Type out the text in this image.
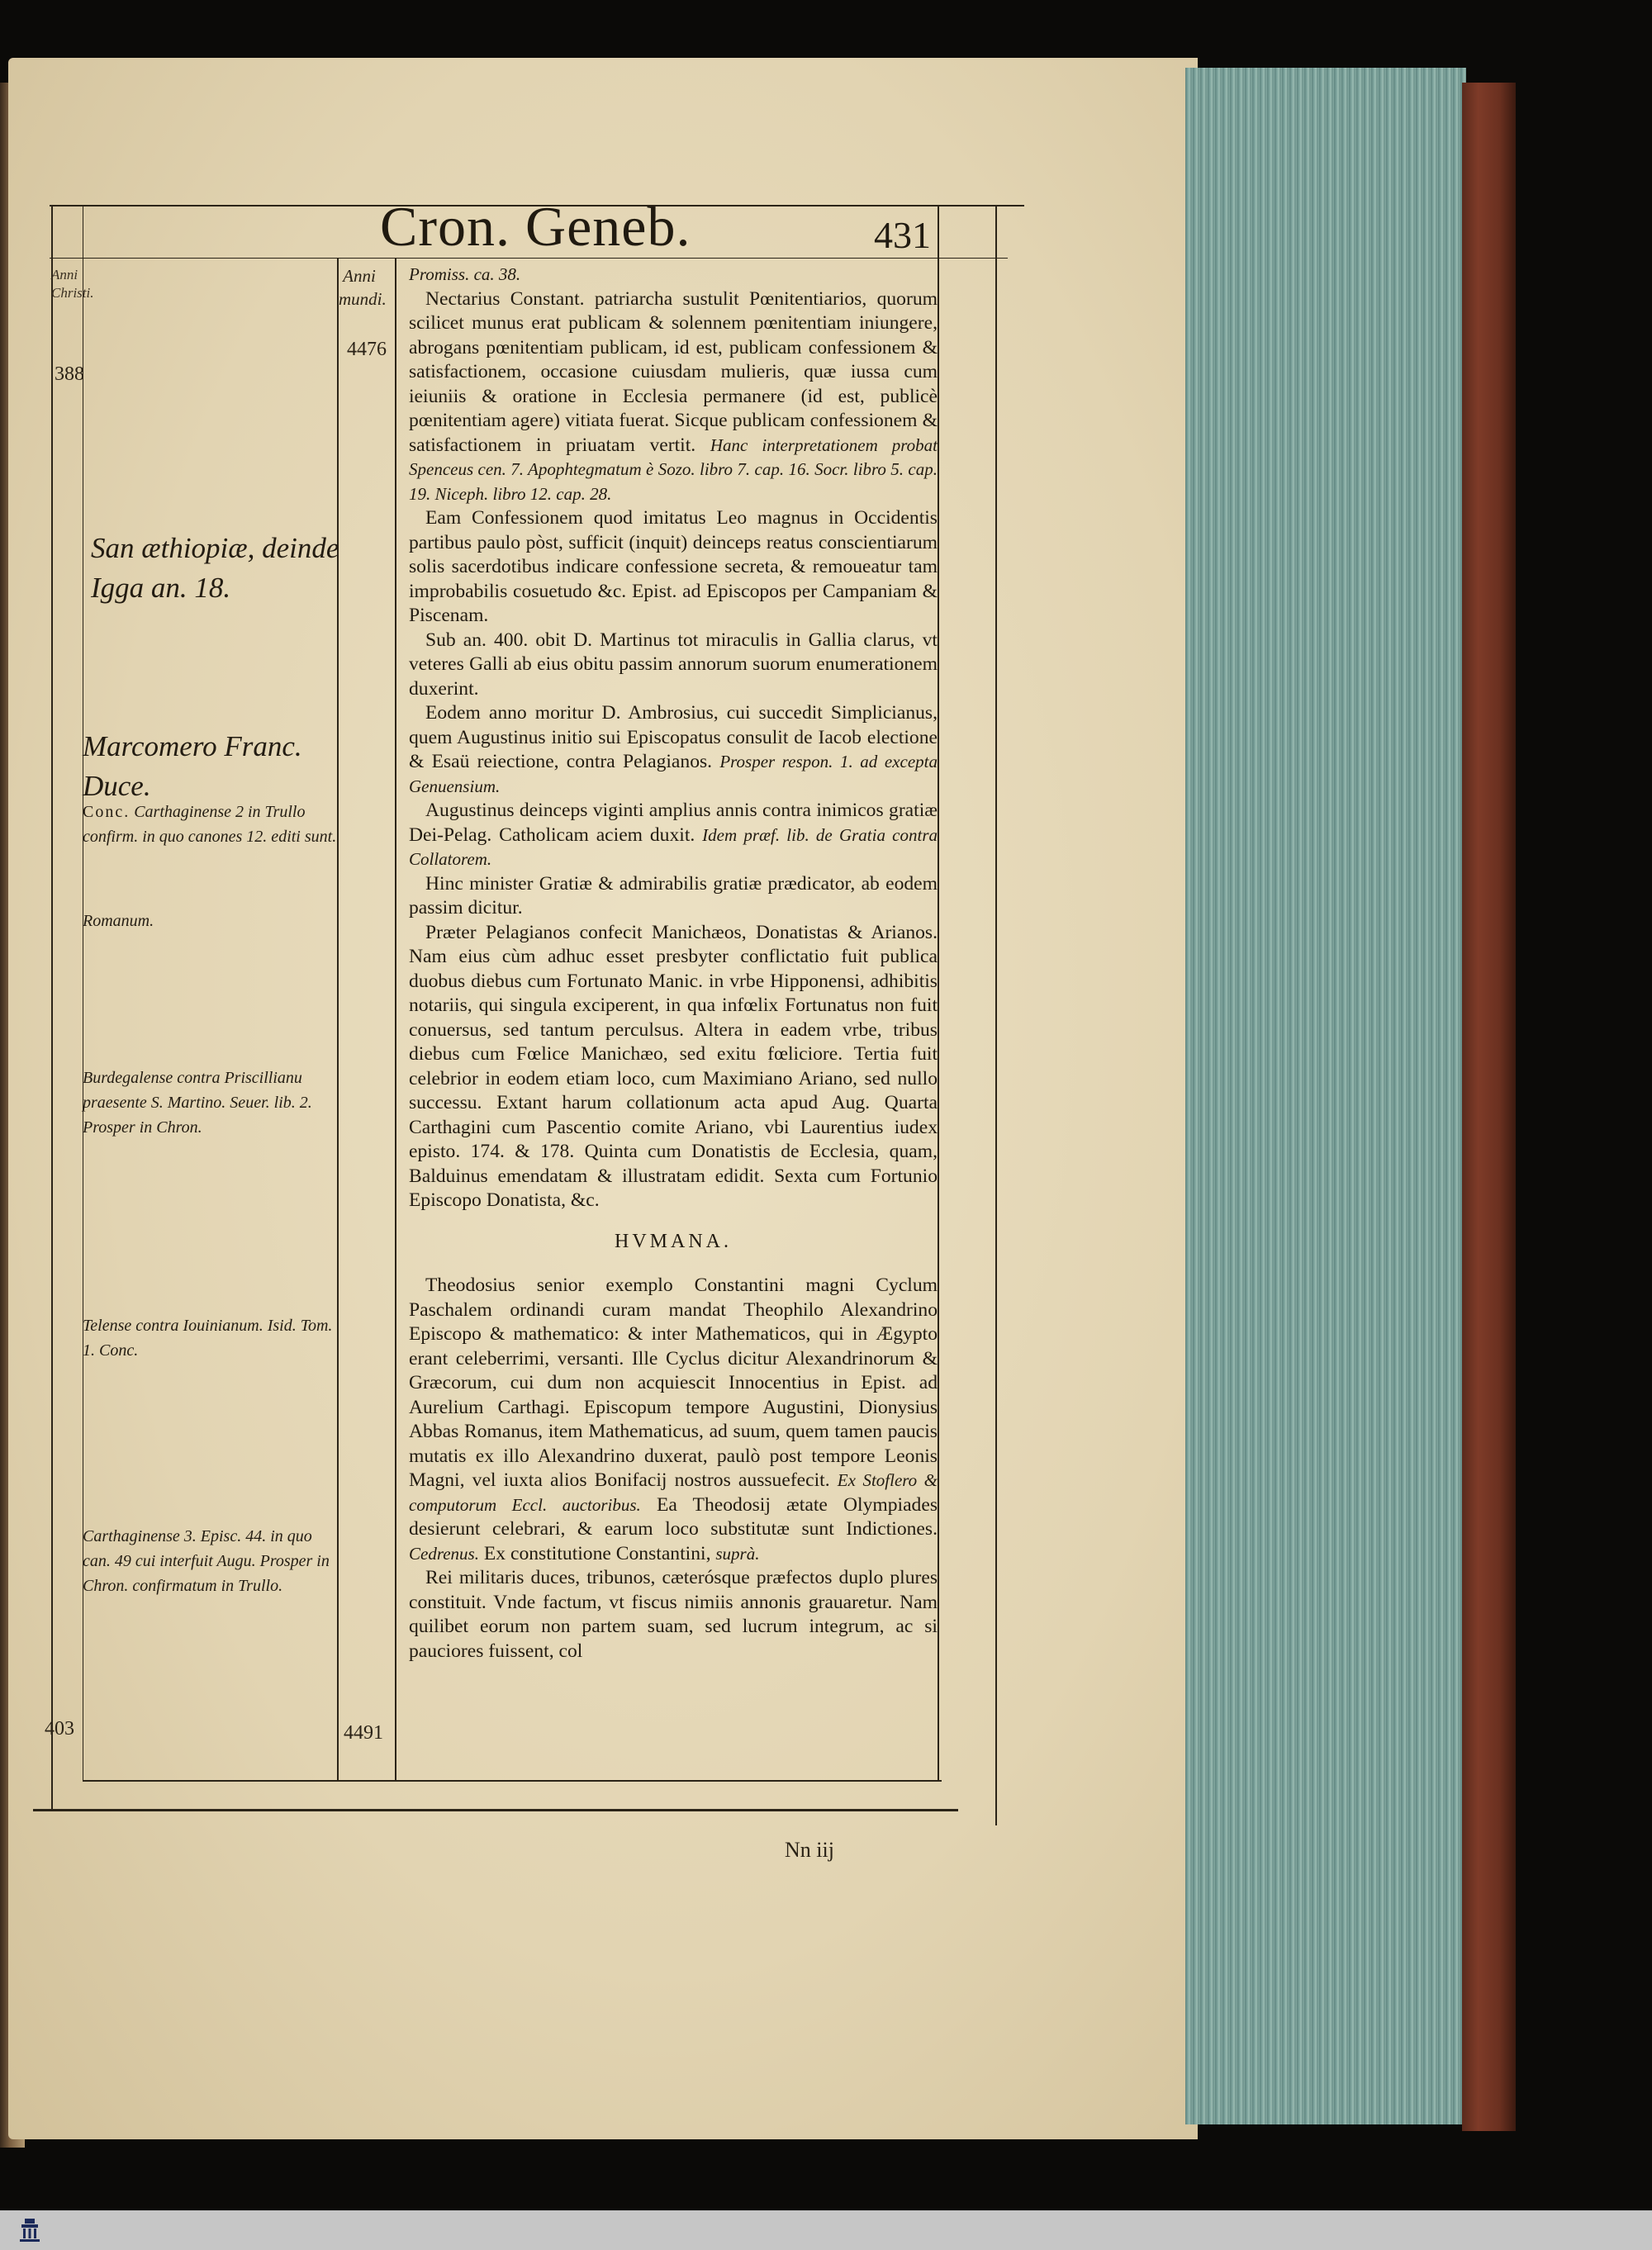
Cron. Geneb.	431
Anni mundi.
Anni Christi.
388
403
4476
4491
San æthiopiæ, deinde Igga an. 18.
Marcomero Franc. Duce.
Conc. Carthaginense 2 in Trullo confirm. in quo canones 12. editi sunt.
Romanum.
Burdegalense contra Priscillianu praesente S. Martino. Seuer. lib. 2. Prosper in Chron.
Telense contra Iouinianum. Isid. Tom. 1. Conc.
Carthaginense 3. Episc. 44. in quo can. 49 cui interfuit Augu. Prosper in Chron. confirmatum in Trullo.

Promiss. ca. 38.

Nectarius Constant. patriarcha sustulit Pœnitentiarios, quorum scilicet munus erat publicam & solennem pœnitentiam iniungere, abrogans pœnitentiam publicam, id est, publicam confessionem & satisfactionem, occasione cuiusdam mulieris, quæ iussa cum ieiuniis & oratione in Ecclesia permanere (id est, publicè pœnitentiam agere) vitiata fuerat. Sicque publicam confessionem & satisfactionem in priuatam vertit. Hanc interpretationem probat Spenceus cen. 7. Apophtegmatum è Sozo. libro 7. cap. 16. Socr. libro 5. cap. 19. Niceph. libro 12. cap. 28.

Eam Confessionem quod imitatus Leo magnus in Occidentis partibus paulo pòst, sufficit (inquit) deinceps reatus conscientiarum solis sacerdotibus indicare confessione secreta, & remoueatur tam improbabilis cosuetudo &c. Epist. ad Episcopos per Campaniam & Piscenam.

Sub an. 400. obit D. Martinus tot miraculis in Gallia clarus, vt veteres Galli ab eius obitu passim annorum suorum enumerationem duxerint.

Eodem anno moritur D. Ambrosius, cui succedit Simplicianus, quem Augustinus initio sui Episcopatus consulit de Iacob electione & Esaü reiectione, contra Pelagianos. Prosper respon. 1. ad excepta Genuensium.

Augustinus deinceps viginti amplius annis contra inimicos gratiæ Dei-Pelag. Catholicam aciem duxit. Idem præf. lib. de Gratia contra Collatorem.

Hinc minister Gratiæ & admirabilis gratiæ prædicator, ab eodem passim dicitur.

Præter Pelagianos confecit Manichæos, Donatistas & Arianos. Nam eius cùm adhuc esset presbyter conflictatio fuit publica duobus diebus cum Fortunato Manic. in vrbe Hipponensi, adhibitis notariis, qui singula exciperent, in qua infœlix Fortunatus non fuit conuersus, sed tantum perculsus. Altera in eadem vrbe, tribus diebus cum Fœlice Manichæo, sed exitu fœliciore. Tertia fuit celebrior in eodem etiam loco, cum Maximiano Ariano, sed nullo successu. Extant harum collationum acta apud Aug. Quarta Carthagini cum Pascentio comite Ariano, vbi Laurentius iudex episto. 174. & 178. Quinta cum Donatistis de Ecclesia, quam, Balduinus emendatam & illustratam edidit. Sexta cum Fortunio Episcopo Donatista, &c.

HVMANA.

Theodosius senior exemplo Constantini magni Cyclum Paschalem ordinandi curam mandat Theophilo Alexandrino Episcopo & mathematico: & inter Mathematicos, qui in Ægypto erant celeberrimi, versanti. Ille Cyclus dicitur Alexandrinorum & Græcorum, cui dum non acquiescit Innocentius in Epist. ad Aurelium Carthagi. Episcopum tempore Augustini, Dionysius Abbas Romanus, item Mathematicus, ad suum, quem tamen paucis mutatis ex illo Alexandrino duxerat, paulò post tempore Leonis Magni, vel iuxta alios Bonifacij nostros aussuefecit. Ex Stoflero & computorum Eccl. auctoribus. Ea Theodosij ætate Olympiades desierunt celebrari, & earum loco substitutæ sunt Indictiones. Cedrenus. Ex constitutione Constantini, suprà.

Rei militaris duces, tribunos, cæterósque præfectos duplo plures constituit. Vnde factum, vt fiscus nimiis annonis grauaretur. Nam quilibet eorum non partem suam, sed lucrum integrum, ac si pauciores fuissent, col

Nn iij
